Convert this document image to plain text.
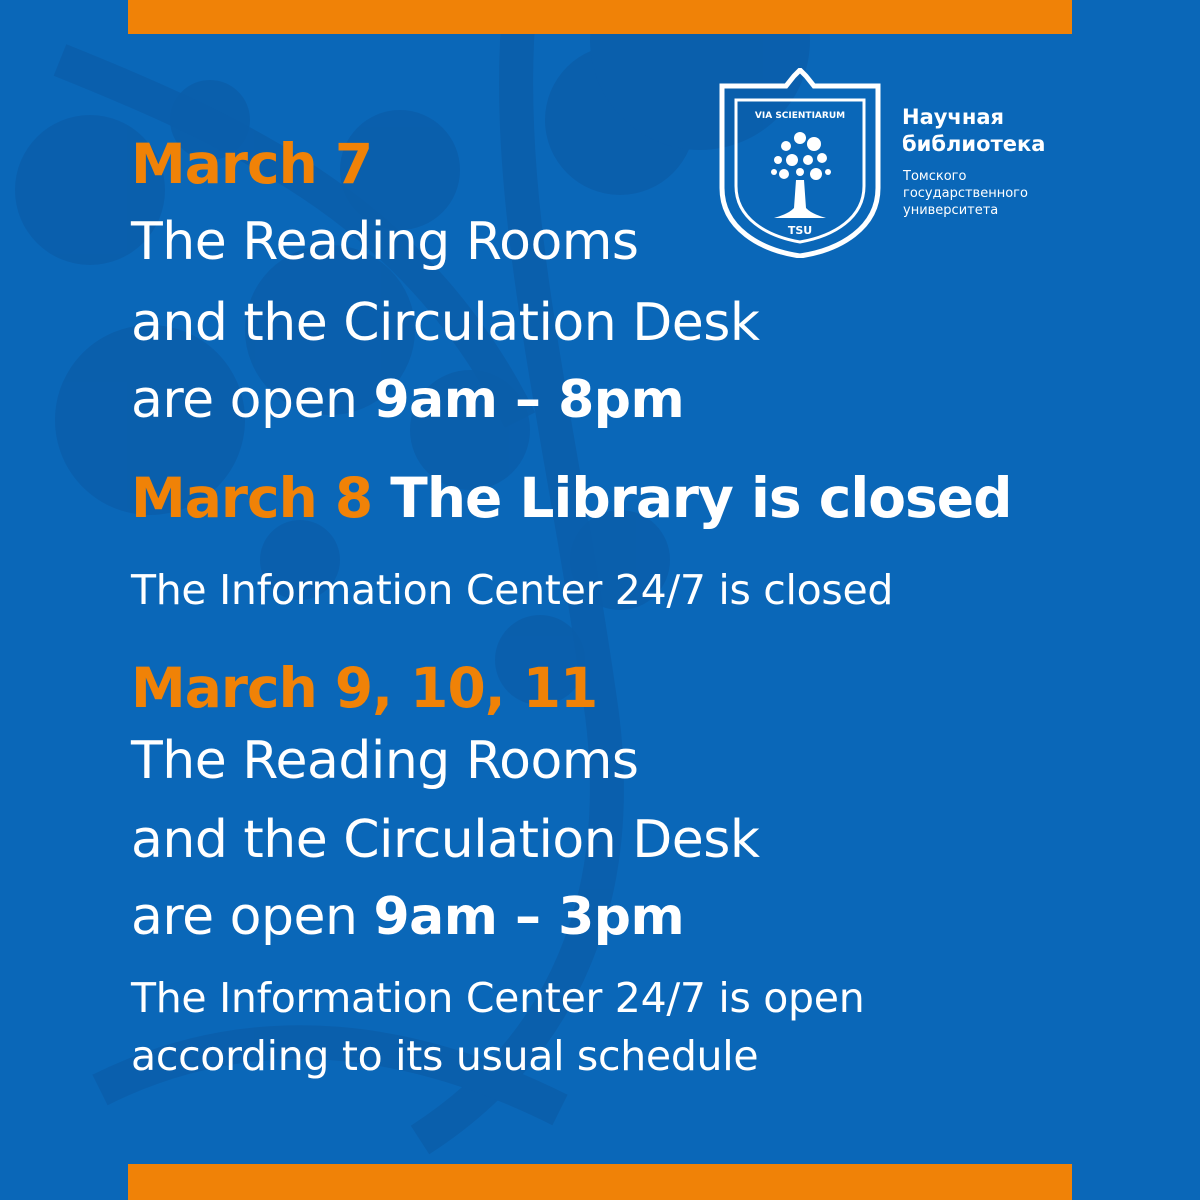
VIA SCIENTIARUM
TSU
Научная
библиотека
Томского
государственного
университета
March 7
The Reading Rooms
and the Circulation Desk
are open 9am – 8pm
March 8 The Library is closed
The Information Center 24/7 is closed
March 9, 10, 11
The Reading Rooms
and the Circulation Desk
are open 9am – 3pm
The Information Center 24/7 is open
according to its usual schedule
